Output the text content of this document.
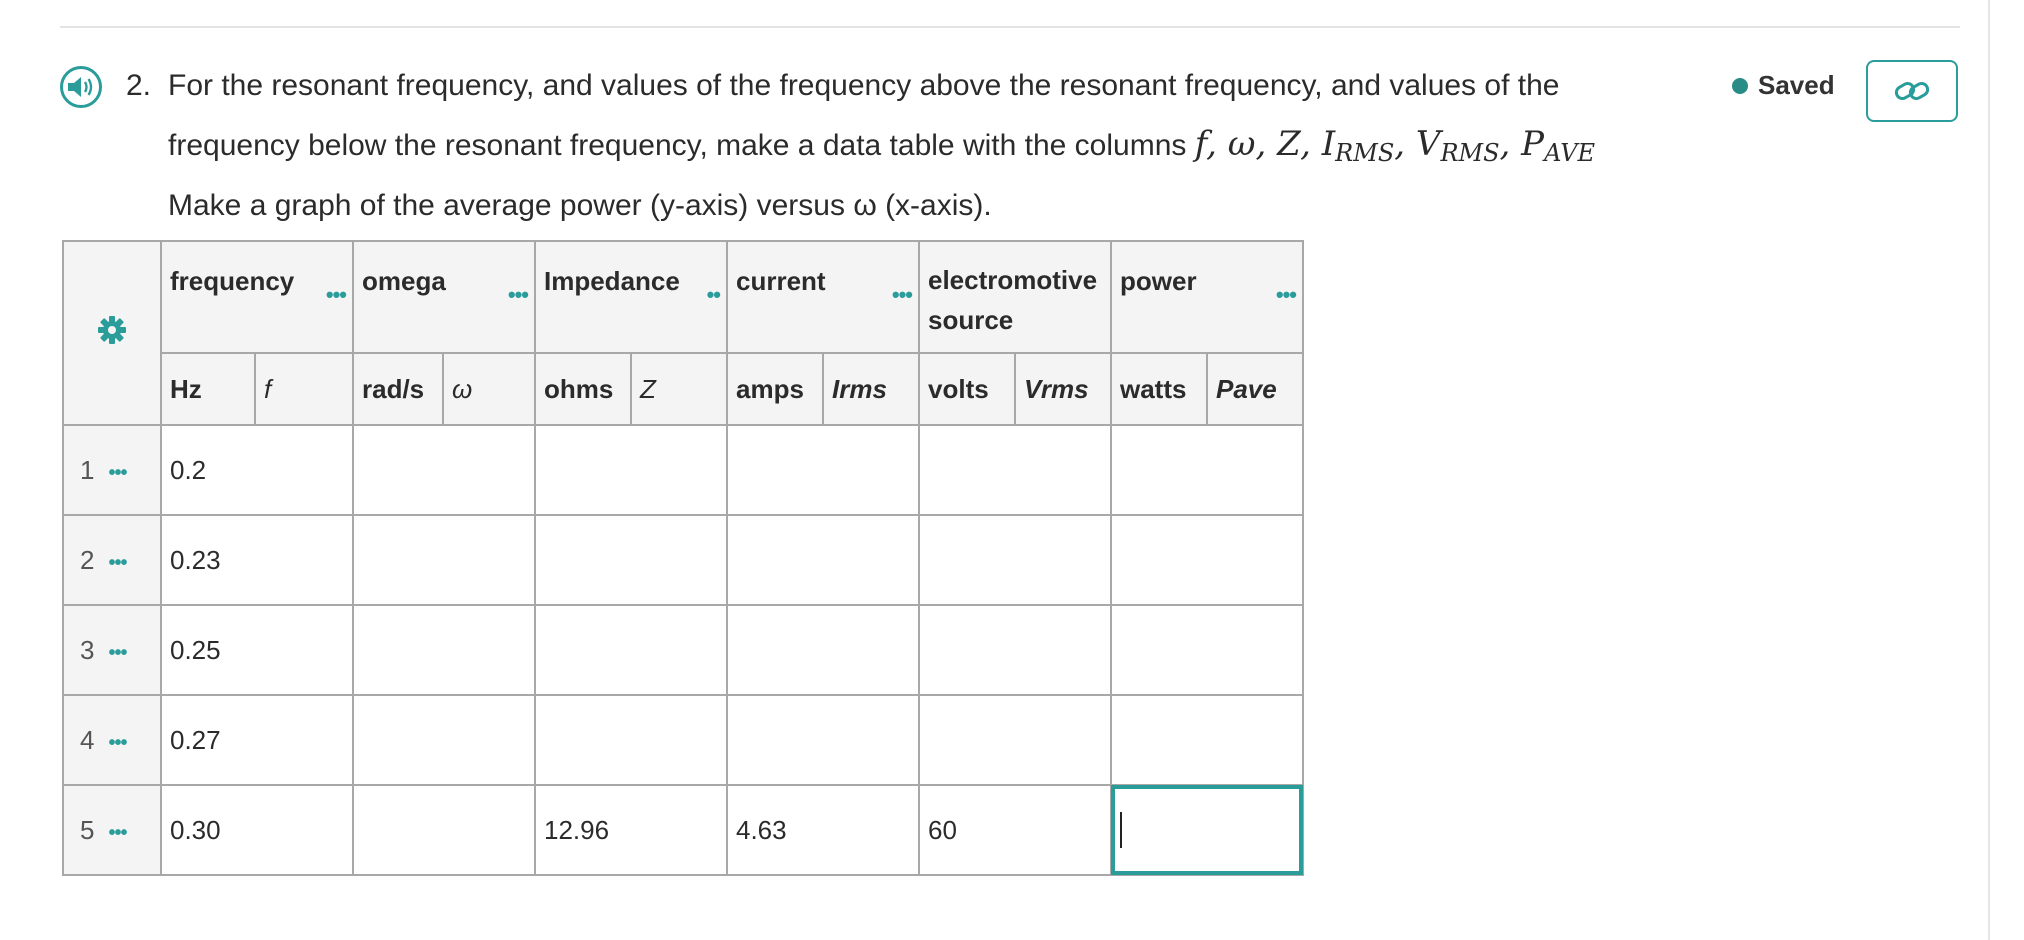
2. For the resonant frequency, and values of the frequency above the resonant frequency, and values of the
frequency below the resonant frequency, make a data table with the columns f, ω, Z, $I_{RMS}$, $V_{RMS}$, $P_{AVE}$
Make a graph of the average power (y-axis) versus ω (x-axis).
Saved

frequency •••		omega •••		Impedance ••		current •••		electromotive source		power •••	

	Hz	f	rad/s	ω	ohms	Z	amps	Irms	volts	Vrms	watts	Pave
1 •••	0.2											
2 •••	0.23											
3 •••	0.25											
4 •••	0.27											
5 •••	0.30				12.96		4.63		60			
